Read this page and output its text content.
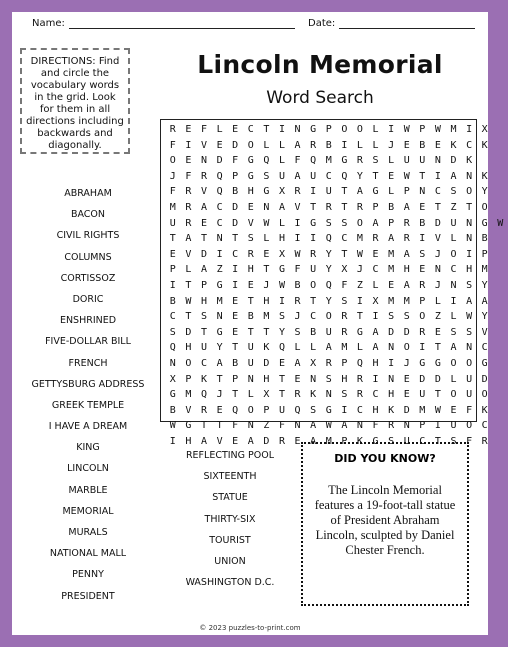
Name:	Date:
DIRECTIONS: Find and circle the vocabulary words in the grid. Look for them in all directions including backwards and diagonally.
Lincoln Memorial
Word Search
R E F L E C T I N G P O O L I W P W M I X
F I V E D O L L A R B I L L J E B E K C K
O E N D F G Q L F Q M G R S L U U N D K
J F R Q P G S U A U C Q Y T E W T I A N K
F R V Q B H G X R I U T A G L P N C S O Y
M R A C D E N A V T R T R P B A E T Z T O
U R E C D V W L I G S S O A P R B D U N G W
T A T N T S L H I I Q C M R A R I V L N B
E V D I C R E X W R Y T W E M A S J O I P
P L A Z I H T G F U Y X J C M H E N C H M
I T P G I E J W B O Q F Z L E A R J N S Y
B W H M E T H I R T Y S I X M M P L I A A
C T S N E B M S J C O R T I S S O Z L W Y
S D T G E T T Y S B U R G A D D R E S S V
Q H U Y T U K Q L L A M L A N O I T A N C
N O C A B U D E A X R P Q H I J G G O O G
X P K T P N H T E N S H R I N E D D L U D
G M Q J T L X T R K N S R C H E U T O U O
B V R E Q O P U Q S G I C H K D M W E F K
W G T T F N Z F N A W A N F R N P I U O C
I H A V E A D R E A M P K G S U C T S F R
ABRAHAM
BACON
CIVIL RIGHTS
COLUMNS
CORTISSOZ
DORIC
ENSHRINED
FIVE-DOLLAR BILL
FRENCH
GETTYSBURG ADDRESS
GREEK TEMPLE
I HAVE A DREAM
KING
LINCOLN
MARBLE
MEMORIAL
MURALS
NATIONAL MALL
PENNY
PRESIDENT
REFLECTING POOL
SIXTEENTH
STATUE
THIRTY-SIX
TOURIST
UNION
WASHINGTON D.C.
DID YOU KNOW?
The Lincoln Memorial features a 19-foot-tall statue of President Abraham Lincoln, sculpted by Daniel Chester French.
© 2023 puzzles-to-print.com
